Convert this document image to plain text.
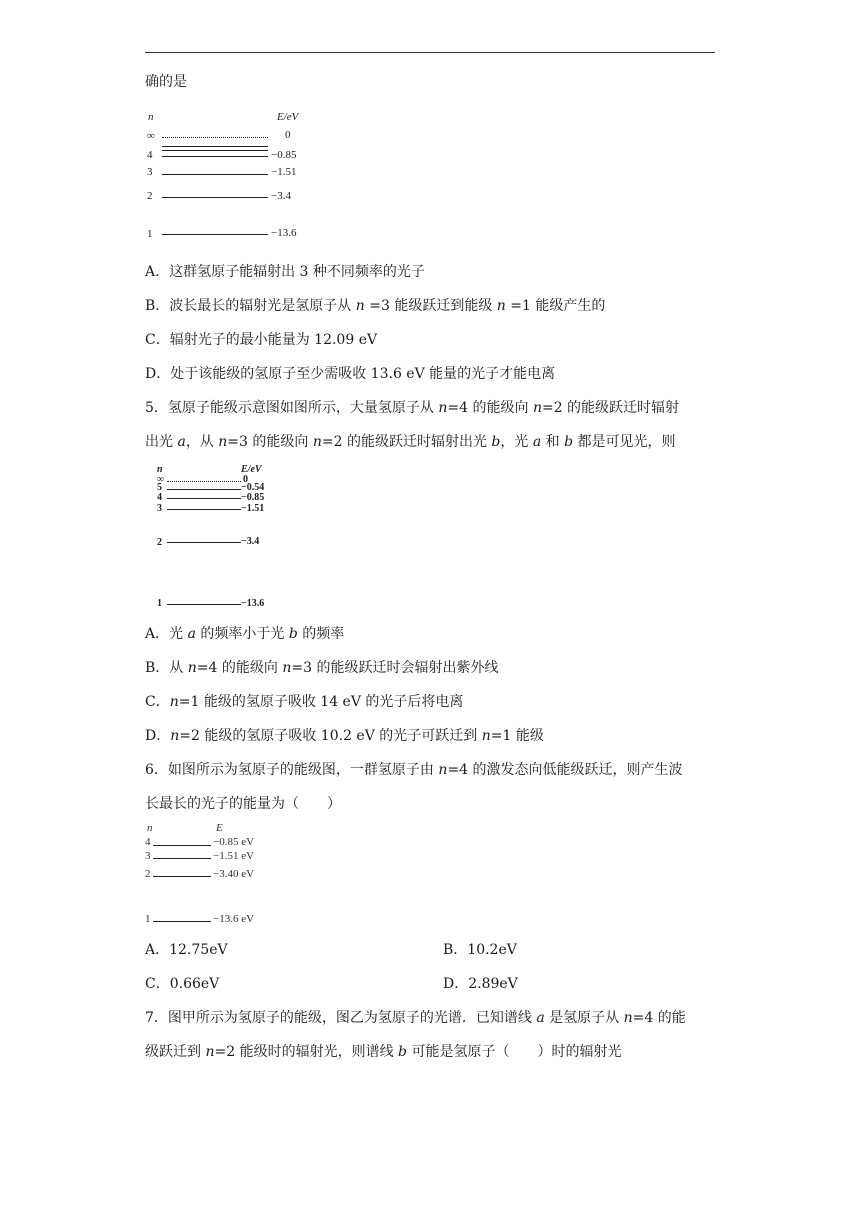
确的是
n	E/eV
∞	0
4	−0.85
3	−1.51
2	−3.4
1	−13.6
A．这群氢原子能辐射出 3 种不同频率的光子
B．波长最长的辐射光是氢原子从 n =3 能级跃迁到能级 n =1 能级产生的
C．辐射光子的最小能量为 12.09 eV
D．处于该能级的氢原子至少需吸收 13.6 eV 能量的光子才能电离
5．氢原子能级示意图如图所示，大量氢原子从 n=4 的能级向 n=2 的能级跃迁时辐射
出光 a，从 n=3 的能级向 n=2 的能级跃迁时辐射出光 b，光 a 和 b 都是可见光，则
n	E/eV
∞	0
5	−0.54
4	−0.85
3	−1.51
2	−3.4
1	−13.6
A．光 a 的频率小于光 b 的频率
B．从 n=4 的能级向 n=3 的能级跃迁时会辐射出紫外线
C．n=1 能级的氢原子吸收 14 eV 的光子后将电离
D．n=2 能级的氢原子吸收 10.2 eV 的光子可跃迁到 n=1 能级
6．如图所示为氢原子的能级图，一群氢原子由 n=4 的激发态向低能级跃迁，则产生波
长最长的光子的能量为（　　）
n	E
4	−0.85 eV
3	−1.51 eV
2	−3.40 eV
1	−13.6 eV
A．12.75eV	B．10.2eV
C．0.66eV	D．2.89eV
7．图甲所示为氢原子的能级，图乙为氢原子的光谱．已知谱线 a 是氢原子从 n=4 的能
级跃迁到 n=2 能级时的辐射光，则谱线 b 可能是氢原子（　　）时的辐射光
